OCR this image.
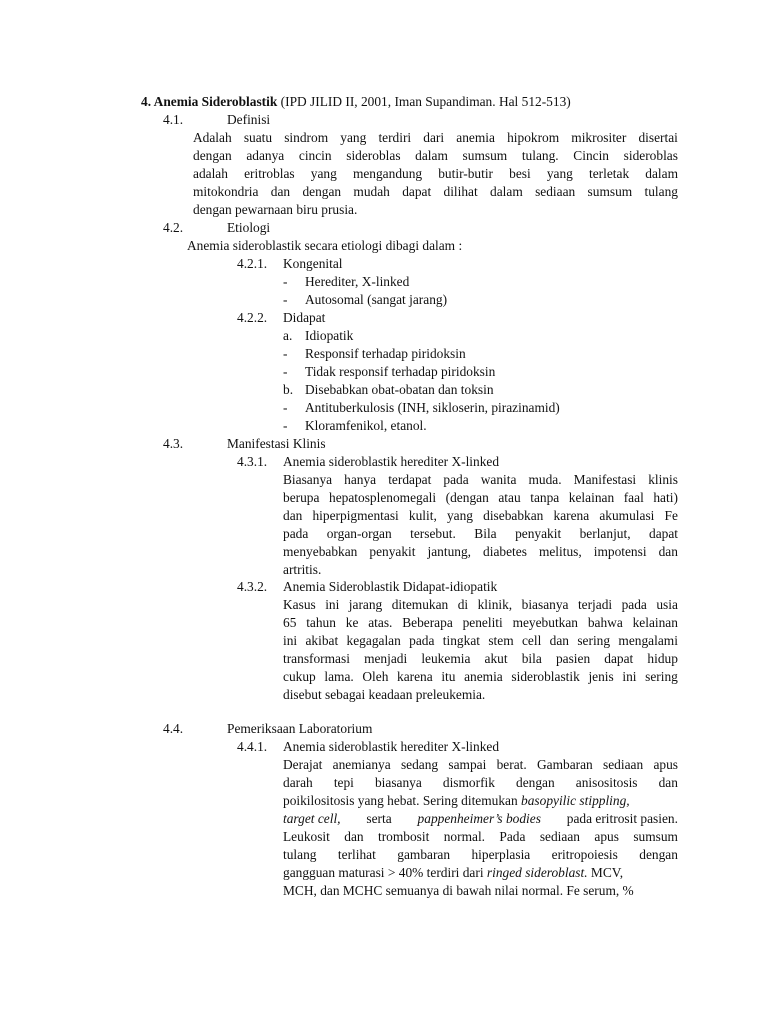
4. Anemia Sideroblastik (IPD JILID II, 2001, Iman Supandiman. Hal 512-513)
4.1.	Definisi
Adalah suatu sindrom yang terdiri dari anemia hipokrom mikrositer disertai
dengan adanya cincin sideroblas dalam sumsum tulang. Cincin sideroblas
adalah eritroblas yang mengandung butir-butir besi yang terletak dalam
mitokondria dan dengan mudah dapat dilihat dalam sediaan sumsum tulang
dengan pewarnaan biru prusia.
4.2.	Etiologi
Anemia sideroblastik secara etiologi dibagi dalam :
4.2.1. Kongenital
- Herediter, X-linked
- Autosomal (sangat jarang)
4.2.2. Didapat
a. Idiopatik
- Responsif terhadap piridoksin
- Tidak responsif terhadap piridoksin
b. Disebabkan obat-obatan dan toksin
- Antituberkulosis (INH, sikloserin, pirazinamid)
- Kloramfenikol, etanol.
4.3.	Manifestasi Klinis
4.3.1. Anemia sideroblastik herediter X-linked
Biasanya hanya terdapat pada wanita muda. Manifestasi klinis
berupa hepatosplenomegali (dengan atau tanpa kelainan faal hati)
dan hiperpigmentasi kulit, yang disebabkan karena akumulasi Fe
pada organ-organ tersebut. Bila penyakit berlanjut, dapat
menyebabkan penyakit jantung, diabetes melitus, impotensi dan
artritis.
4.3.2. Anemia Sideroblastik Didapat-idiopatik
Kasus ini jarang ditemukan di klinik, biasanya terjadi pada usia
65 tahun ke atas. Beberapa peneliti meyebutkan bahwa kelainan
ini akibat kegagalan pada tingkat stem cell dan sering mengalami
transformasi menjadi leukemia akut bila pasien dapat hidup
cukup lama. Oleh karena itu anemia sideroblastik jenis ini sering
disebut sebagai keadaan preleukemia.
4.4.	Pemeriksaan Laboratorium
4.4.1. Anemia sideroblastik herediter X-linked
Derajat anemianya sedang sampai berat. Gambaran sediaan apus
darah tepi biasanya dismorfik dengan anisositosis dan
poikilositosis yang hebat. Sering ditemukan basopyilic stippling,
target cell, serta pappenheimer’s bodies pada eritrosit pasien.
Leukosit dan trombosit normal. Pada sediaan apus sumsum
tulang terlihat gambaran hiperplasia eritropoiesis dengan
gangguan maturasi > 40% terdiri dari ringed sideroblast. MCV,
MCH, dan MCHC semuanya di bawah nilai normal. Fe serum, %
